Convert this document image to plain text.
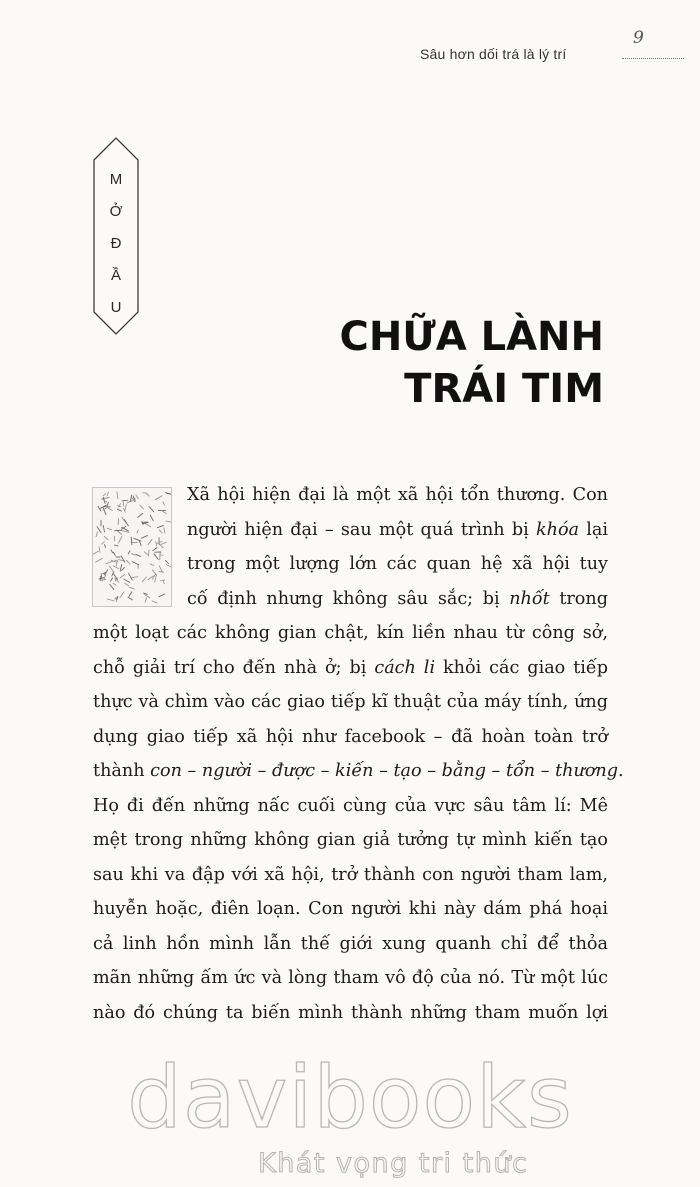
Sâu hơn dối trá là lý trí
9
M
Ở
Đ
Ầ
U
CHỮA LÀNH
TRÁI TIM
Xã hội hiện đại là một xã hội tổn thương. Con
người hiện đại – sau một quá trình bị khóa lại
trong một lượng lớn các quan hệ xã hội tuy
cố định nhưng không sâu sắc; bị nhốt trong
một loạt các không gian chật, kín liền nhau từ công sở,
chỗ giải trí cho đến nhà ở; bị cách li khỏi các giao tiếp
thực và chìm vào các giao tiếp kĩ thuật của máy tính, ứng
dụng giao tiếp xã hội như facebook – đã hoàn toàn trở
thành con – người – được – kiến – tạo – bằng – tổn – thương.
Họ đi đến những nấc cuối cùng của vực sâu tâm lí: Mê
mệt trong những không gian giả tưởng tự mình kiến tạo
sau khi va đập với xã hội, trở thành con người tham lam,
huyễn hoặc, điên loạn. Con người khi này dám phá hoại
cả linh hồn mình lẫn thế giới xung quanh chỉ để thỏa
mãn những ấm ức và lòng tham vô độ của nó. Từ một lúc
nào đó chúng ta biến mình thành những tham muốn lợi
davibooks
Khát vọng tri thức
